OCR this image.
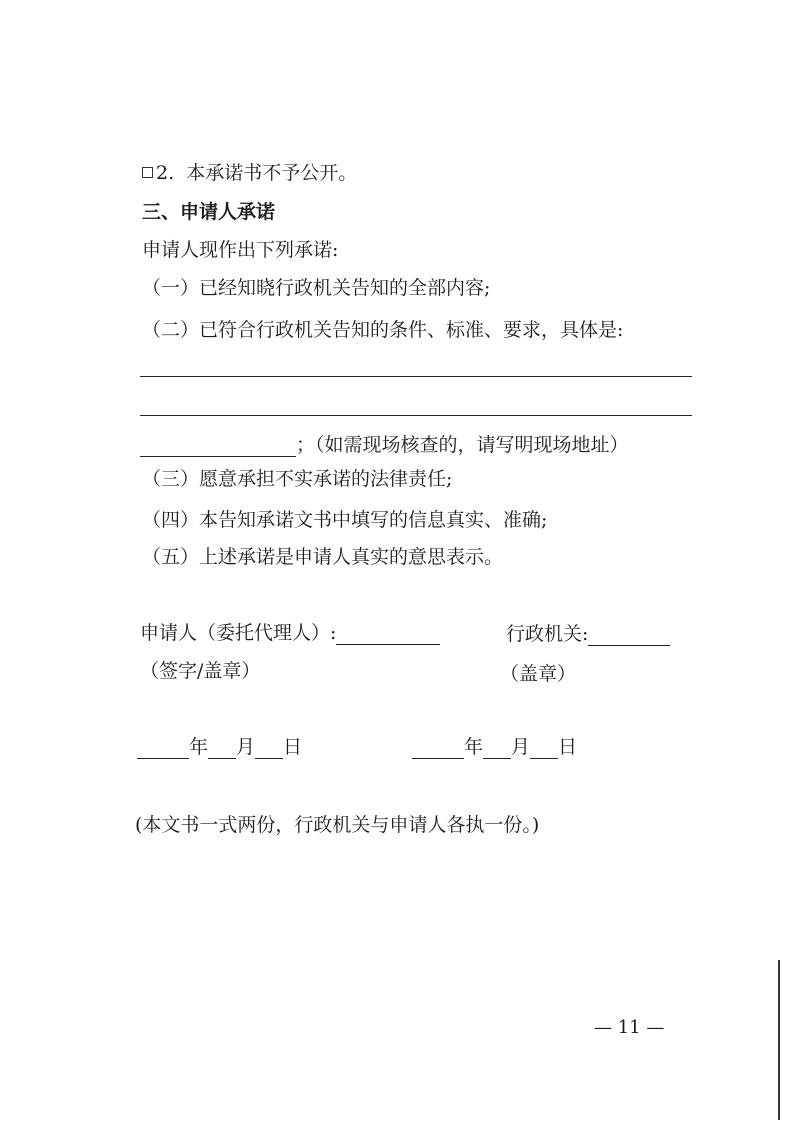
2. 本承诺书不予公开。
三、申请人承诺
申请人现作出下列承诺:
（一）已经知晓行政机关告知的全部内容;
（二）已符合行政机关告知的条件、标准、要求，具体是:
；（如需现场核查的，请写明现场地址）
（三）愿意承担不实承诺的法律责任;
（四）本告知承诺文书中填写的信息真实、准确;
（五）上述承诺是申请人真实的意思表示。
申请人（委托代理人）:
（签字/盖章）
行政机关:
（盖章）
年 月 日	年 月 日
(本文书一式两份，行政机关与申请人各执一份。)
— 11 —
